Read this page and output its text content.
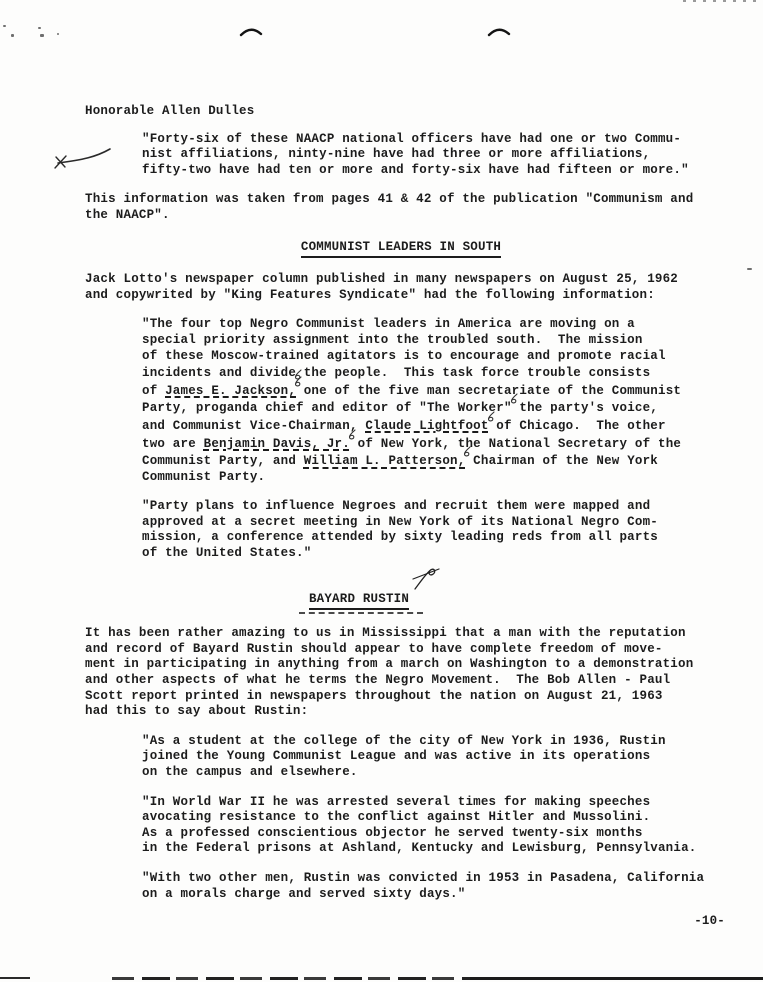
Honorable Allen Dulles
"Forty-six of these NAACP national officers have had one or two Commu-
nist affiliations, ninty-nine have had three or more affiliations,
fifty-two have had ten or more and forty-six have had fifteen or more."
This information was taken from pages 41 & 42 of the publication "Communism and
the NAACP".
COMMUNIST LEADERS IN SOUTH
Jack Lotto's newspaper column published in many newspapers on August 25, 1962
and copywrited by "King Features Syndicate" had the following information:
"The four top Negro Communist leaders in America are moving on a
special priority assignment into the troubled south.  The mission
of these Moscow-trained agitators is to encourage and promote racial
incidents and divide the people.  This task force trouble consists
of James E. Jackson, one of the five man secretariate of the Communist
Party, proganda chief and editor of "The Worker" the party's voice,
and Communist Vice-Chairman, Claude Lightfoot of Chicago.  The other
two are Benjamin Davis, Jr. of New York, the National Secretary of the
Communist Party, and William L. Patterson, Chairman of the New York
Communist Party.
"Party plans to influence Negroes and recruit them were mapped and
approved at a secret meeting in New York of its National Negro Com-
mission, a conference attended by sixty leading reds from all parts
of the United States."
BAYARD RUSTIN
It has been rather amazing to us in Mississippi that a man with the reputation
and record of Bayard Rustin should appear to have complete freedom of move-
ment in participating in anything from a march on Washington to a demonstration
and other aspects of what he terms the Negro Movement.  The Bob Allen - Paul
Scott report printed in newspapers throughout the nation on August 21, 1963
had this to say about Rustin:
"As a student at the college of the city of New York in 1936, Rustin
joined the Young Communist League and was active in its operations
on the campus and elsewhere.
"In World War II he was arrested several times for making speeches
avocating resistance to the conflict against Hitler and Mussolini.
As a professed conscientious objector he served twenty-six months
in the Federal prisons at Ashland, Kentucky and Lewisburg, Pennsylvania.
"With two other men, Rustin was convicted in 1953 in Pasadena, California
on a morals charge and served sixty days."
-10-
